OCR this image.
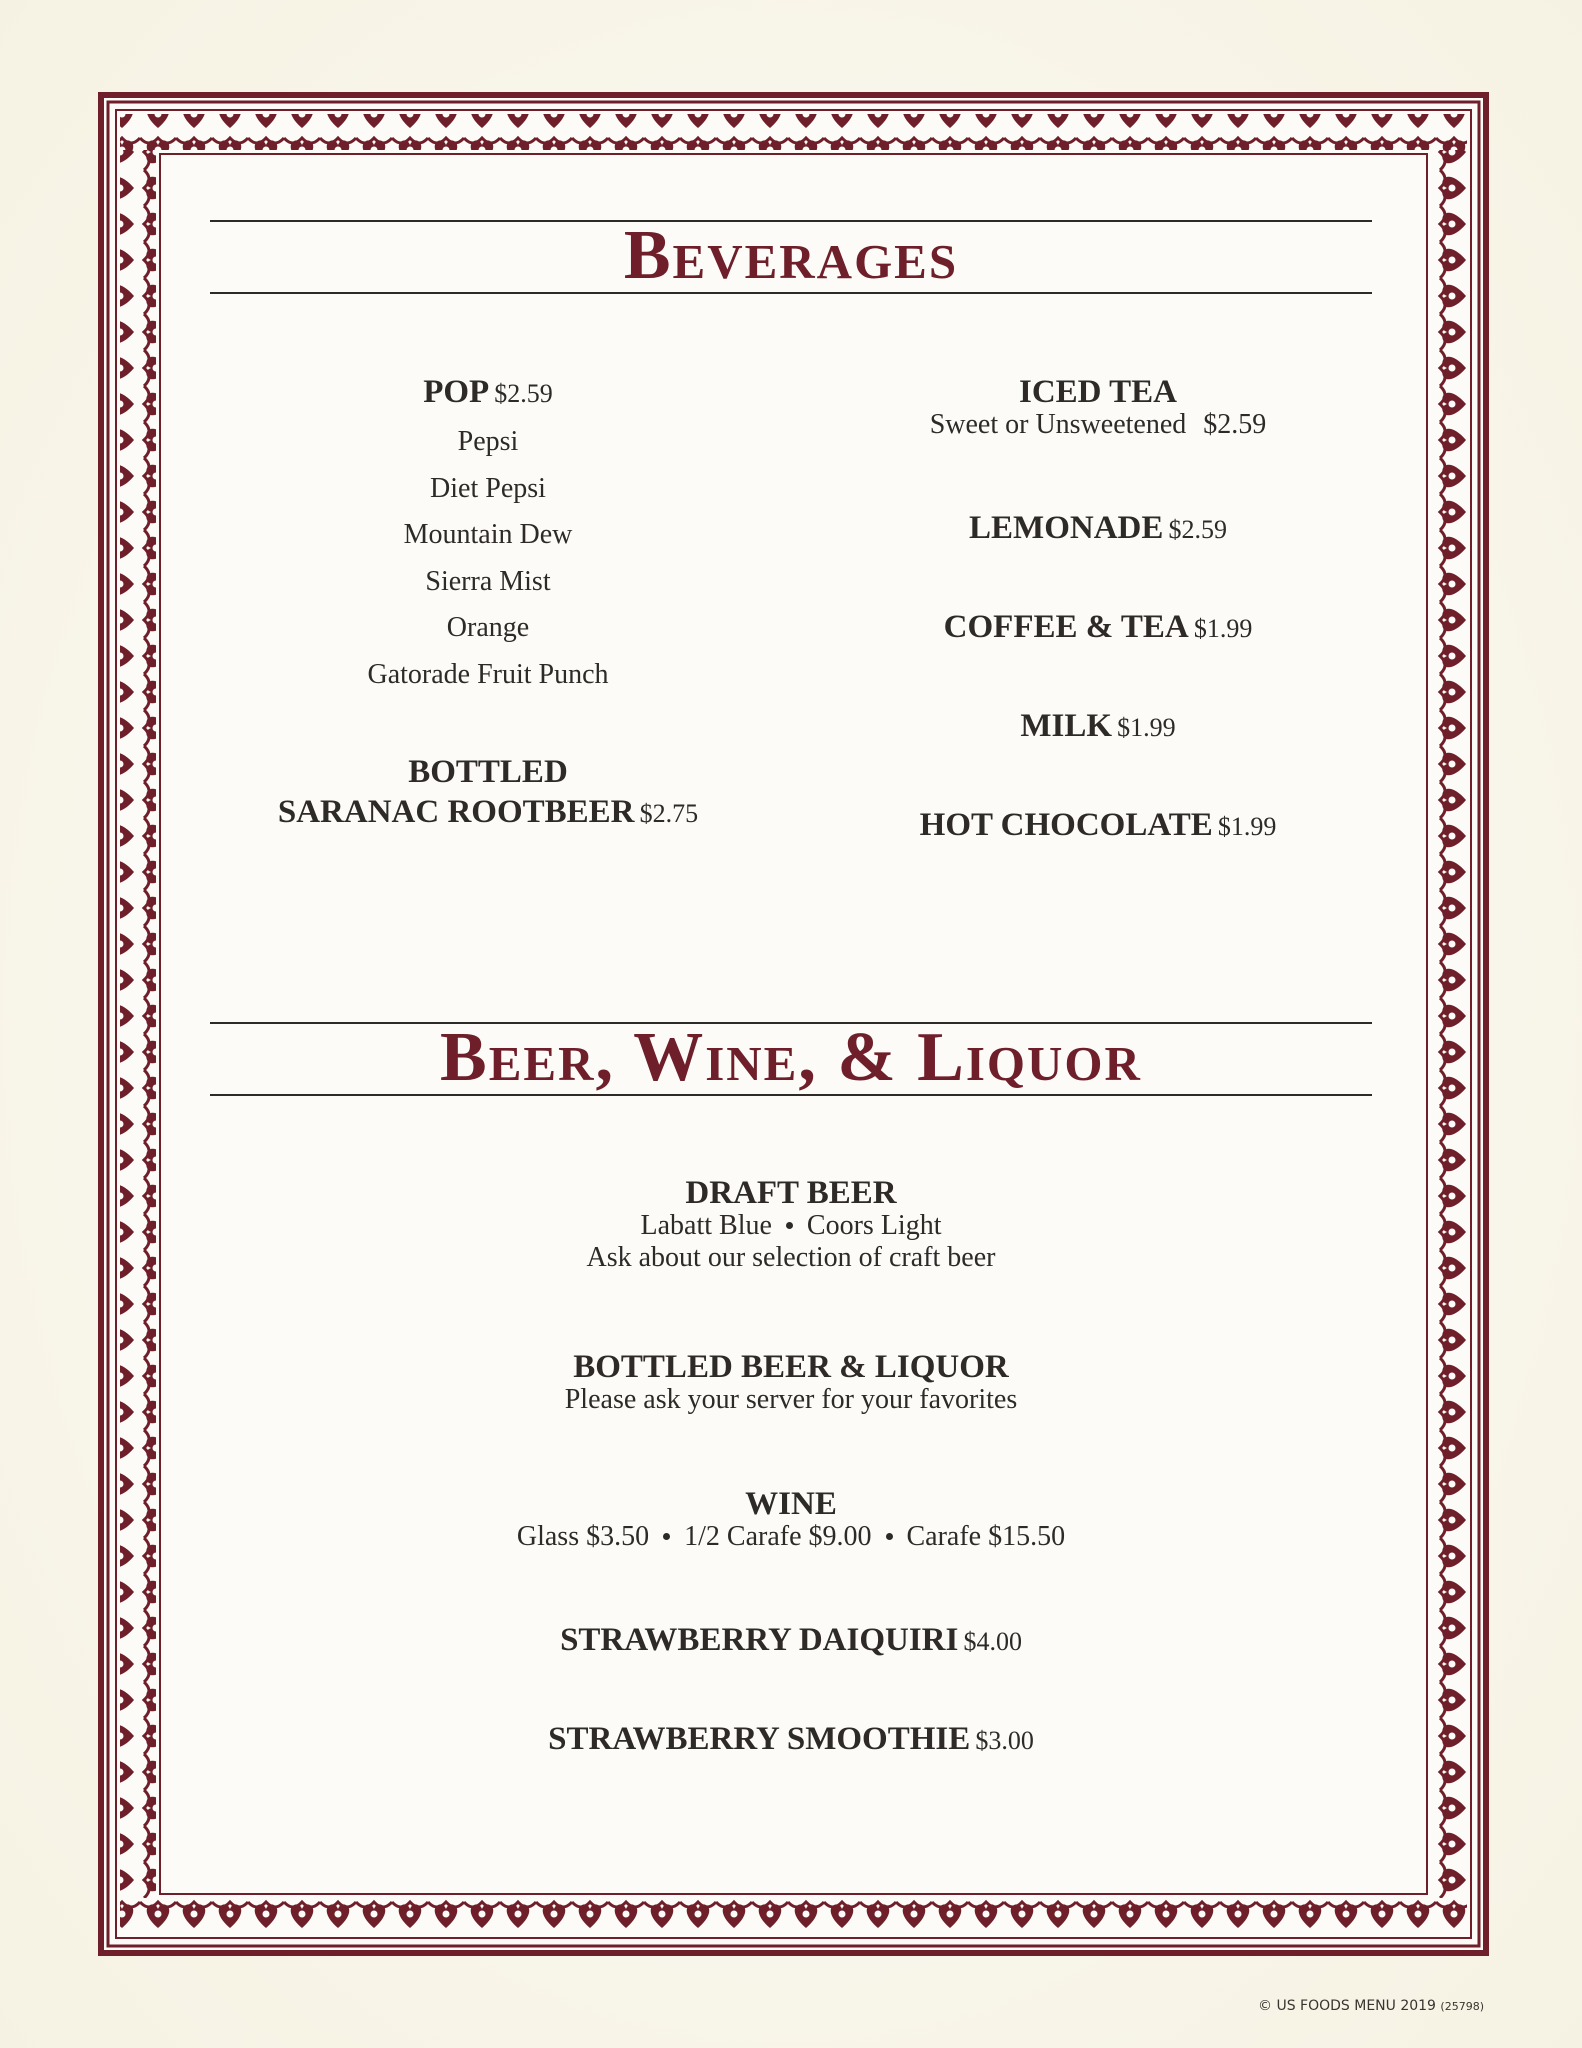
Beverages
POP $2.59
Pepsi
Diet Pepsi
Mountain Dew
Sierra Mist
Orange
Gatorade Fruit Punch
BOTTLED
SARANAC ROOTBEER $2.75
ICED TEA
Sweet or Unsweetened $2.59
LEMONADE $2.59
COFFEE & TEA $1.99
MILK $1.99
HOT CHOCOLATE $1.99
Beer, Wine, & Liquor
DRAFT BEER
Labatt Blue Coors Light
Ask about our selection of craft beer
BOTTLED BEER & LIQUOR
Please ask your server for your favorites
WINE
Glass $3.50 1/2 Carafe $9.00 Carafe $15.50
STRAWBERRY DAIQUIRI $4.00
STRAWBERRY SMOOTHIE $3.00
© US FOODS MENU 2019 (25798)
